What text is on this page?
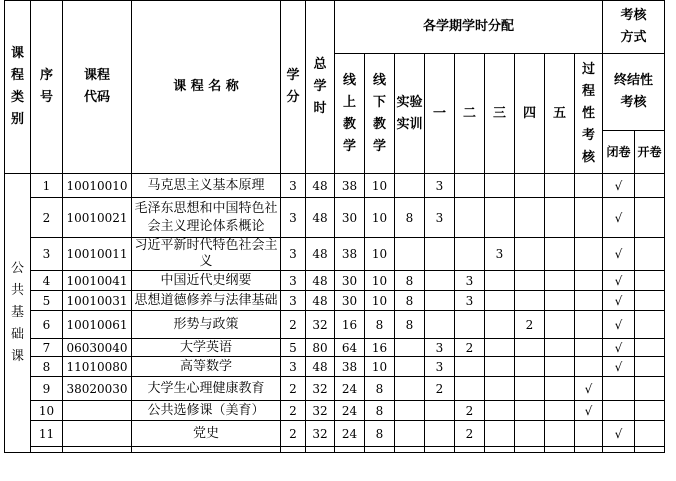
课程类别	序号	课程代码	课 程 名 称	学分	总学时	各学期学时分配									考核方式	
						线上教学	线下教学	实验实训	一	二	三	四	五	过程性考核	终结性考核	
															闭卷	开卷
公共基础课	1	10010010	马克思主义基本原理	3	48	38	10		3						√	
	2	10010021	毛泽东思想和中国特色社会主义理论体系概论	3	48	30	10	8	3						√	
	3	10010011	习近平新时代特色社会主义	3	48	38	10				3				√	
	4	10010041	中国近代史纲要	3	48	30	10	8		3					√	
	5	10010031	思想道德修养与法律基础	3	48	30	10	8		3					√	
	6	10010061	形势与政策	2	32	16	8	8				2			√	
	7	06030040	大学英语	5	80	64	16		3	2					√	
	8	11010080	高等数学	3	48	38	10		3						√	
	9	38020030	大学生心理健康教育	2	32	24	8		2					√		
	10		公共选修课（美育）	2	32	24	8			2				√		
	11		党史	2	32	24	8			2					√	
